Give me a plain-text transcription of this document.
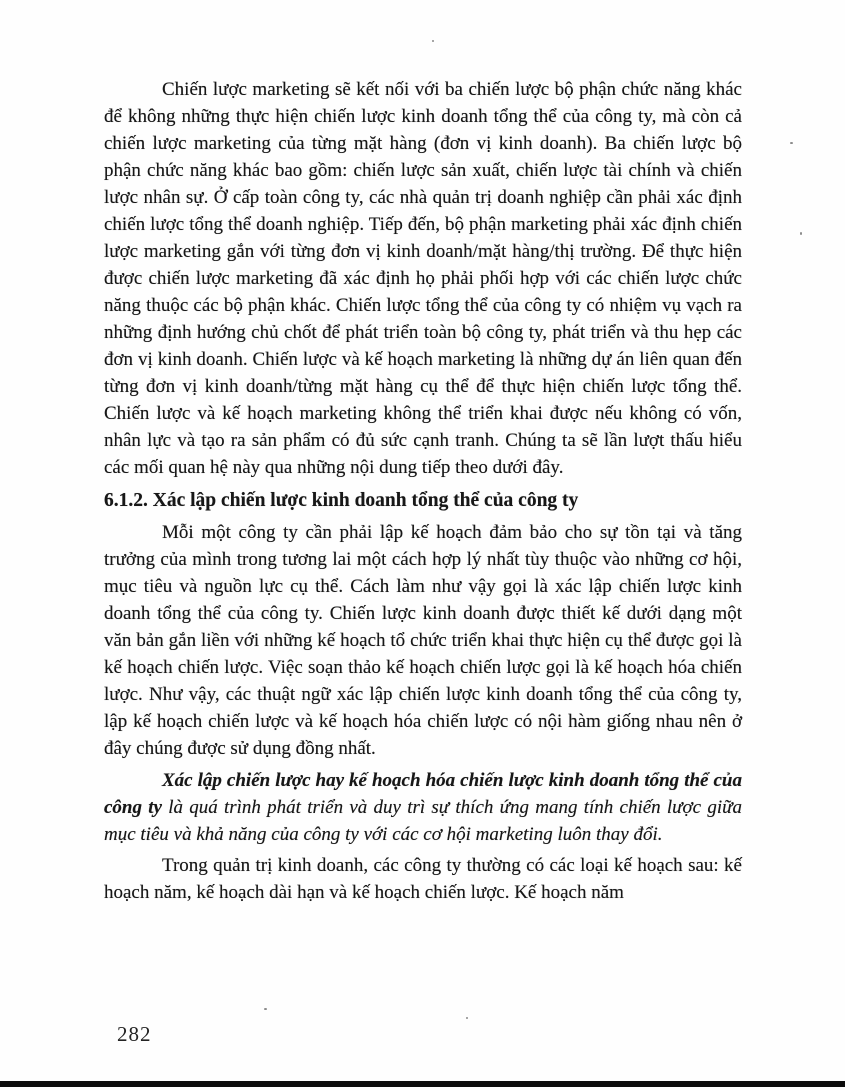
Chiến lược marketing sẽ kết nối với ba chiến lược bộ phận chức năng khác để không những thực hiện chiến lược kinh doanh tổng thể của công ty, mà còn cả chiến lược marketing của từng mặt hàng (đơn vị kinh doanh). Ba chiến lược bộ phận chức năng khác bao gồm: chiến lược sản xuất, chiến lược tài chính và chiến lược nhân sự. Ở cấp toàn công ty, các nhà quản trị doanh nghiệp cần phải xác định chiến lược tổng thể doanh nghiệp. Tiếp đến, bộ phận marketing phải xác định chiến lược marketing gắn với từng đơn vị kinh doanh/mặt hàng/thị trường. Để thực hiện được chiến lược marketing đã xác định họ phải phối hợp với các chiến lược chức năng thuộc các bộ phận khác. Chiến lược tổng thể của công ty có nhiệm vụ vạch ra những định hướng chủ chốt để phát triển toàn bộ công ty, phát triển và thu hẹp các đơn vị kinh doanh. Chiến lược và kế hoạch marketing là những dự án liên quan đến từng đơn vị kinh doanh/từng mặt hàng cụ thể để thực hiện chiến lược tổng thể. Chiến lược và kế hoạch marketing không thể triển khai được nếu không có vốn, nhân lực và tạo ra sản phẩm có đủ sức cạnh tranh. Chúng ta sẽ lần lượt thấu hiểu các mối quan hệ này qua những nội dung tiếp theo dưới đây.

6.1.2. Xác lập chiến lược kinh doanh tổng thể của công ty

Mỗi một công ty cần phải lập kế hoạch đảm bảo cho sự tồn tại và tăng trưởng của mình trong tương lai một cách hợp lý nhất tùy thuộc vào những cơ hội, mục tiêu và nguồn lực cụ thể. Cách làm như vậy gọi là xác lập chiến lược kinh doanh tổng thể của công ty. Chiến lược kinh doanh được thiết kế dưới dạng một văn bản gắn liền với những kế hoạch tổ chức triển khai thực hiện cụ thể được gọi là kế hoạch chiến lược. Việc soạn thảo kế hoạch chiến lược gọi là kế hoạch hóa chiến lược. Như vậy, các thuật ngữ xác lập chiến lược kinh doanh tổng thể của công ty, lập kế hoạch chiến lược và kế hoạch hóa chiến lược có nội hàm giống nhau nên ở đây chúng được sử dụng đồng nhất.

Xác lập chiến lược hay kế hoạch hóa chiến lược kinh doanh tổng thể của công ty là quá trình phát triển và duy trì sự thích ứng mang tính chiến lược giữa mục tiêu và khả năng của công ty với các cơ hội marketing luôn thay đổi.

Trong quản trị kinh doanh, các công ty thường có các loại kế hoạch sau: kế hoạch năm, kế hoạch dài hạn và kế hoạch chiến lược. Kế hoạch năm

282
